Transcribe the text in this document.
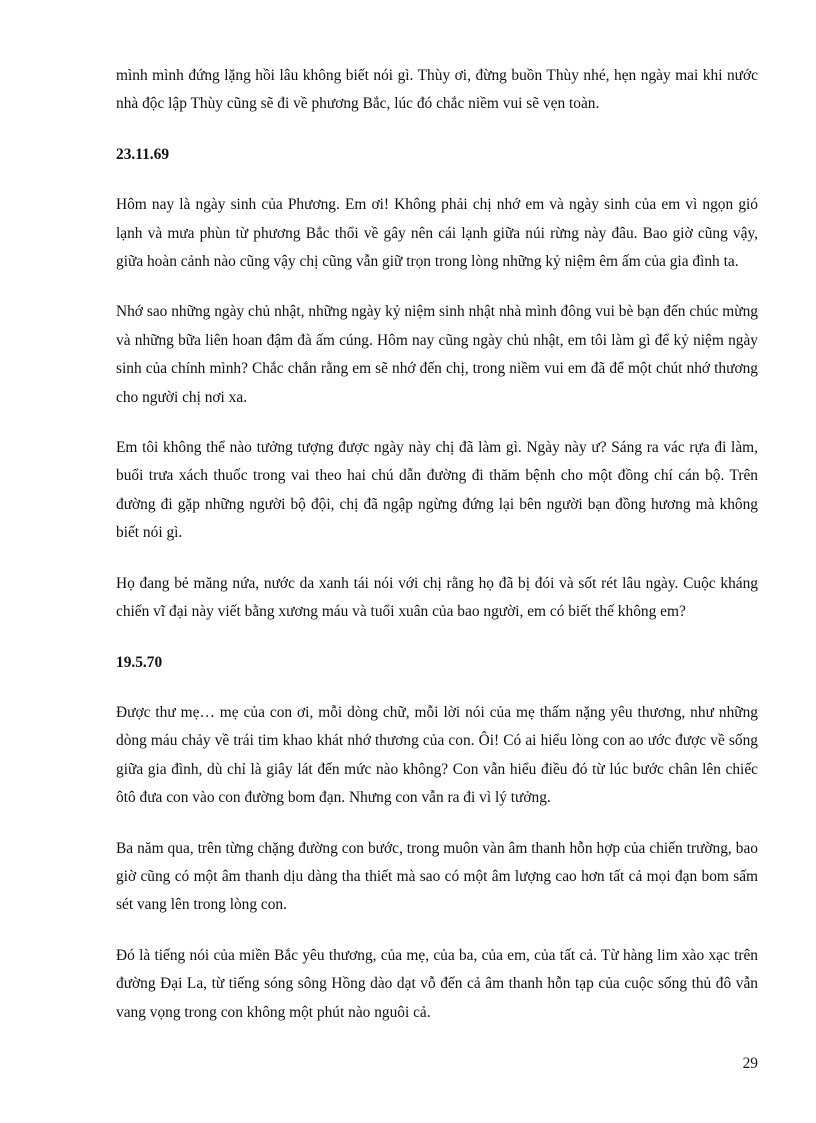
mình mình đứng lặng hồi lâu không biết nói gì. Thùy ơi, đừng buồn Thùy nhé, hẹn ngày mai khi nước nhà độc lập Thùy cũng sẽ đi về phương Bắc, lúc đó chắc niềm vui sẽ vẹn toàn.

23.11.69

Hôm nay là ngày sinh của Phương. Em ơi! Không phải chị nhớ em và ngày sinh của em vì ngọn gió lạnh và mưa phùn từ phương Bắc thổi về gây nên cái lạnh giữa núi rừng này đâu. Bao giờ cũng vậy, giữa hoàn cảnh nào cũng vậy chị cũng vẫn giữ trọn trong lòng những kỷ niệm êm ấm của gia đình ta.

Nhớ sao những ngày chủ nhật, những ngày kỷ niệm sinh nhật nhà mình đông vui bè bạn đến chúc mừng và những bữa liên hoan đậm đà ấm cúng. Hôm nay cũng ngày chủ nhật, em tôi làm gì để kỷ niệm ngày sinh của chính mình? Chắc chắn rằng em sẽ nhớ đến chị, trong niềm vui em đã để một chút nhớ thương cho người chị nơi xa.

Em tôi không thể nào tưởng tượng được ngày này chị đã làm gì. Ngày này ư? Sáng ra vác rựa đi làm, buổi trưa xách thuốc trong vai theo hai chú dẫn đường đi thăm bệnh cho một đồng chí cán bộ. Trên đường đi gặp những người bộ đội, chị đã ngập ngừng đứng lại bên người bạn đồng hương mà không biết nói gì.

Họ đang bẻ măng nứa, nước da xanh tái nói với chị rằng họ đã bị đói và sốt rét lâu ngày. Cuộc kháng chiến vĩ đại này viết bằng xương máu và tuổi xuân của bao người, em có biết thế không em?

19.5.70

Được thư mẹ… mẹ của con ơi, mỗi dòng chữ, mỗi lời nói của mẹ thấm nặng yêu thương, như những dòng máu chảy về trái tim khao khát nhớ thương của con. Ôi! Có ai hiểu lòng con ao ước được về sống giữa gia đình, dù chỉ là giây lát đến mức nào không? Con vẫn hiểu điều đó từ lúc bước chân lên chiếc ôtô đưa con vào con đường bom đạn. Nhưng con vẫn ra đi vì lý tưởng.

Ba năm qua, trên từng chặng đường con bước, trong muôn vàn âm thanh hỗn hợp của chiến trường, bao giờ cũng có một âm thanh dịu dàng tha thiết mà sao có một âm lượng cao hơn tất cả mọi đạn bom sấm sét vang lên trong lòng con.

Đó là tiếng nói của miền Bắc yêu thương, của mẹ, của ba, của em, của tất cả. Từ hàng lim xào xạc trên đường Đại La, từ tiếng sóng sông Hồng dào dạt vỗ đến cả âm thanh hỗn tạp của cuộc sống thủ đô vẫn vang vọng trong con không một phút nào nguôi cả.

29
